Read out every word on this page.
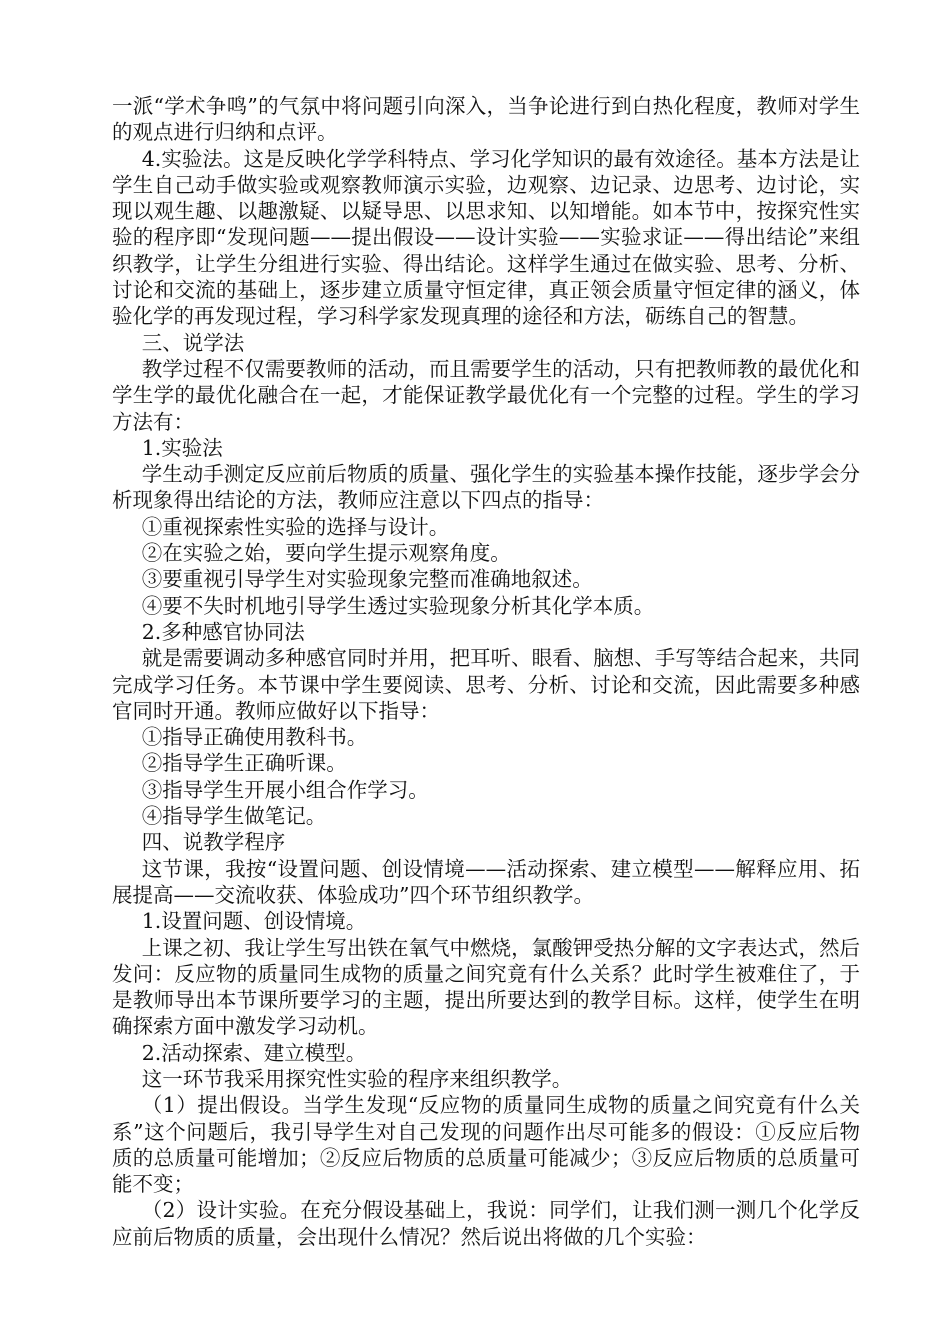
一派“学术争鸣”的气氛中将问题引向深入，当争论进行到白热化程度，教师对学生的观点进行归纳和点评。

4.实验法。这是反映化学学科特点、学习化学知识的最有效途径。基本方法是让学生自己动手做实验或观察教师演示实验，边观察、边记录、边思考、边讨论，实现以观生趣、以趣激疑、以疑导思、以思求知、以知增能。如本节中，按探究性实验的程序即“发现问题——提出假设——设计实验——实验求证——得出结论”来组织教学，让学生分组进行实验、得出结论。这样学生通过在做实验、思考、分析、讨论和交流的基础上，逐步建立质量守恒定律，真正领会质量守恒定律的涵义，体验化学的再发现过程，学习科学家发现真理的途径和方法，砺练自己的智慧。

三、说学法

教学过程不仅需要教师的活动，而且需要学生的活动，只有把教师教的最优化和学生学的最优化融合在一起，才能保证教学最优化有一个完整的过程。学生的学习方法有：

1.实验法

学生动手测定反应前后物质的质量、强化学生的实验基本操作技能，逐步学会分析现象得出结论的方法，教师应注意以下四点的指导：

①重视探索性实验的选择与设计。

②在实验之始，要向学生提示观察角度。

③要重视引导学生对实验现象完整而准确地叙述。

④要不失时机地引导学生透过实验现象分析其化学本质。

2.多种感官协同法

就是需要调动多种感官同时并用，把耳听、眼看、脑想、手写等结合起来，共同完成学习任务。本节课中学生要阅读、思考、分析、讨论和交流，因此需要多种感官同时开通。教师应做好以下指导：

①指导正确使用教科书。

②指导学生正确听课。

③指导学生开展小组合作学习。

④指导学生做笔记。

四、说教学程序

这节课，我按“设置问题、创设情境——活动探索、建立模型——解释应用、拓展提高——交流收获、体验成功”四个环节组织教学。

1.设置问题、创设情境。

上课之初、我让学生写出铁在氧气中燃烧，氯酸钾受热分解的文字表达式，然后发问：反应物的质量同生成物的质量之间究竟有什么关系？此时学生被难住了，于是教师导出本节课所要学习的主题，提出所要达到的教学目标。这样，使学生在明确探索方面中激发学习动机。

2.活动探索、建立模型。

这一环节我采用探究性实验的程序来组织教学。

（1）提出假设。当学生发现“反应物的质量同生成物的质量之间究竟有什么关系”这个问题后，我引导学生对自己发现的问题作出尽可能多的假设：①反应后物质的总质量可能增加；②反应后物质的总质量可能减少；③反应后物质的总质量可能不变；

（2）设计实验。在充分假设基础上，我说：同学们，让我们测一测几个化学反应前后物质的质量，会出现什么情况？然后说出将做的几个实验：
